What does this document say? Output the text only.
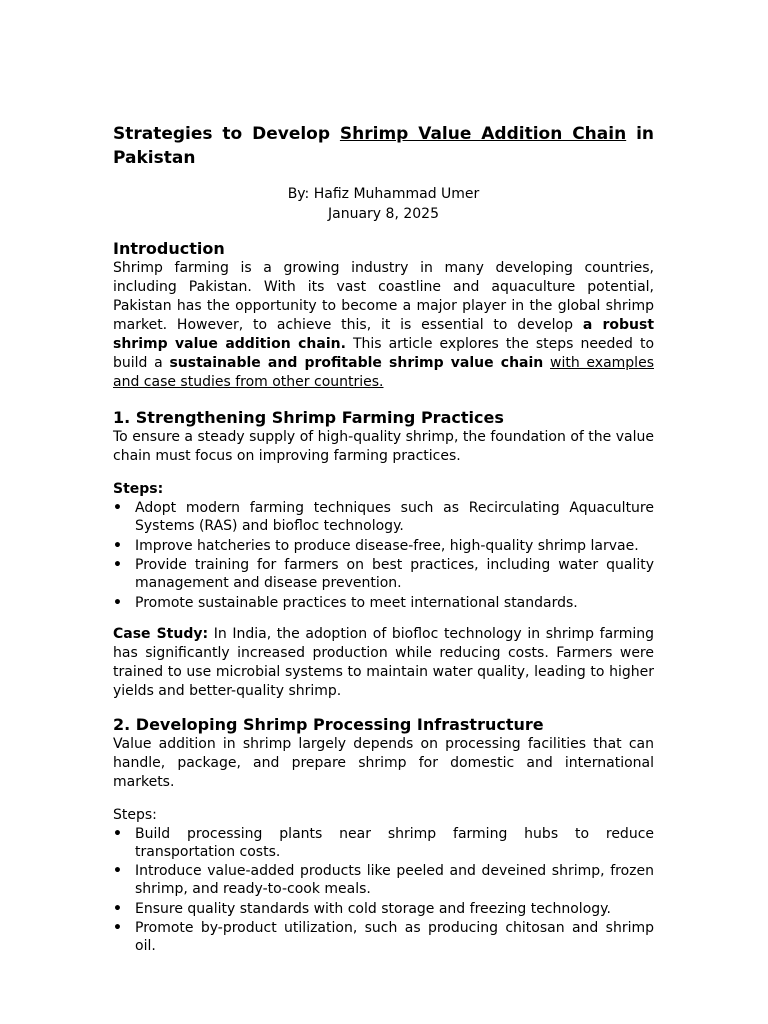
Strategies to Develop Shrimp Value Addition Chain in Pakistan
By: Hafiz Muhammad Umer
January 8, 2025
Introduction

Shrimp farming is a growing industry in many developing countries, including Pakistan. With its vast coastline and aquaculture potential, Pakistan has the opportunity to become a major player in the global shrimp market. However, to achieve this, it is essential to develop a robust shrimp value addition chain. This article explores the steps needed to build a sustainable and profitable shrimp value chain with examples and case studies from other countries.

1. Strengthening Shrimp Farming Practices

To ensure a steady supply of high-quality shrimp, the foundation of the value chain must focus on improving farming practices.

Steps:
• Adopt modern farming techniques such as Recirculating Aquaculture Systems (RAS) and biofloc technology.
• Improve hatcheries to produce disease-free, high-quality shrimp larvae.
• Provide training for farmers on best practices, including water quality management and disease prevention.
• Promote sustainable practices to meet international standards.

Case Study: In India, the adoption of biofloc technology in shrimp farming has significantly increased production while reducing costs. Farmers were trained to use microbial systems to maintain water quality, leading to higher yields and better-quality shrimp.

2. Developing Shrimp Processing Infrastructure

Value addition in shrimp largely depends on processing facilities that can handle, package, and prepare shrimp for domestic and international markets.

Steps:
• Build processing plants near shrimp farming hubs to reduce transportation costs.
• Introduce value-added products like peeled and deveined shrimp, frozen shrimp, and ready-to-cook meals.
• Ensure quality standards with cold storage and freezing technology.
• Promote by-product utilization, such as producing chitosan and shrimp oil.
